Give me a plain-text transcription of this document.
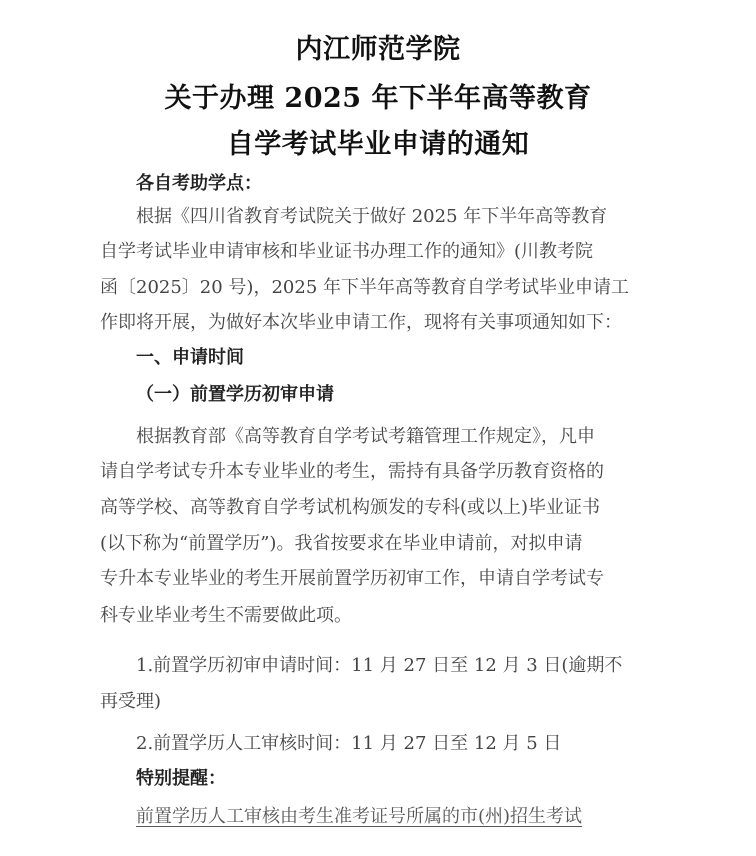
内江师范学院
关于办理 2025 年下半年高等教育
自学考试毕业申请的通知
各自考助学点：
根据《四川省教育考试院关于做好 2025 年下半年高等教育
自学考试毕业申请审核和毕业证书办理工作的通知》(川教考院
函〔2025〕20 号)，2025 年下半年高等教育自学考试毕业申请工
作即将开展，为做好本次毕业申请工作，现将有关事项通知如下：
一、申请时间
（一）前置学历初审申请
根据教育部《高等教育自学考试考籍管理工作规定》，凡申
请自学考试专升本专业毕业的考生，需持有具备学历教育资格的
高等学校、高等教育自学考试机构颁发的专科(或以上)毕业证书
(以下称为“前置学历”)。我省按要求在毕业申请前，对拟申请
专升本专业毕业的考生开展前置学历初审工作，申请自学考试专
科专业毕业考生不需要做此项。
1.前置学历初审申请时间：11 月 27 日至 12 月 3 日(逾期不
再受理)
2.前置学历人工审核时间：11 月 27 日至 12 月 5 日
特别提醒：
前置学历人工审核由考生准考证号所属的市(州)招生考试
